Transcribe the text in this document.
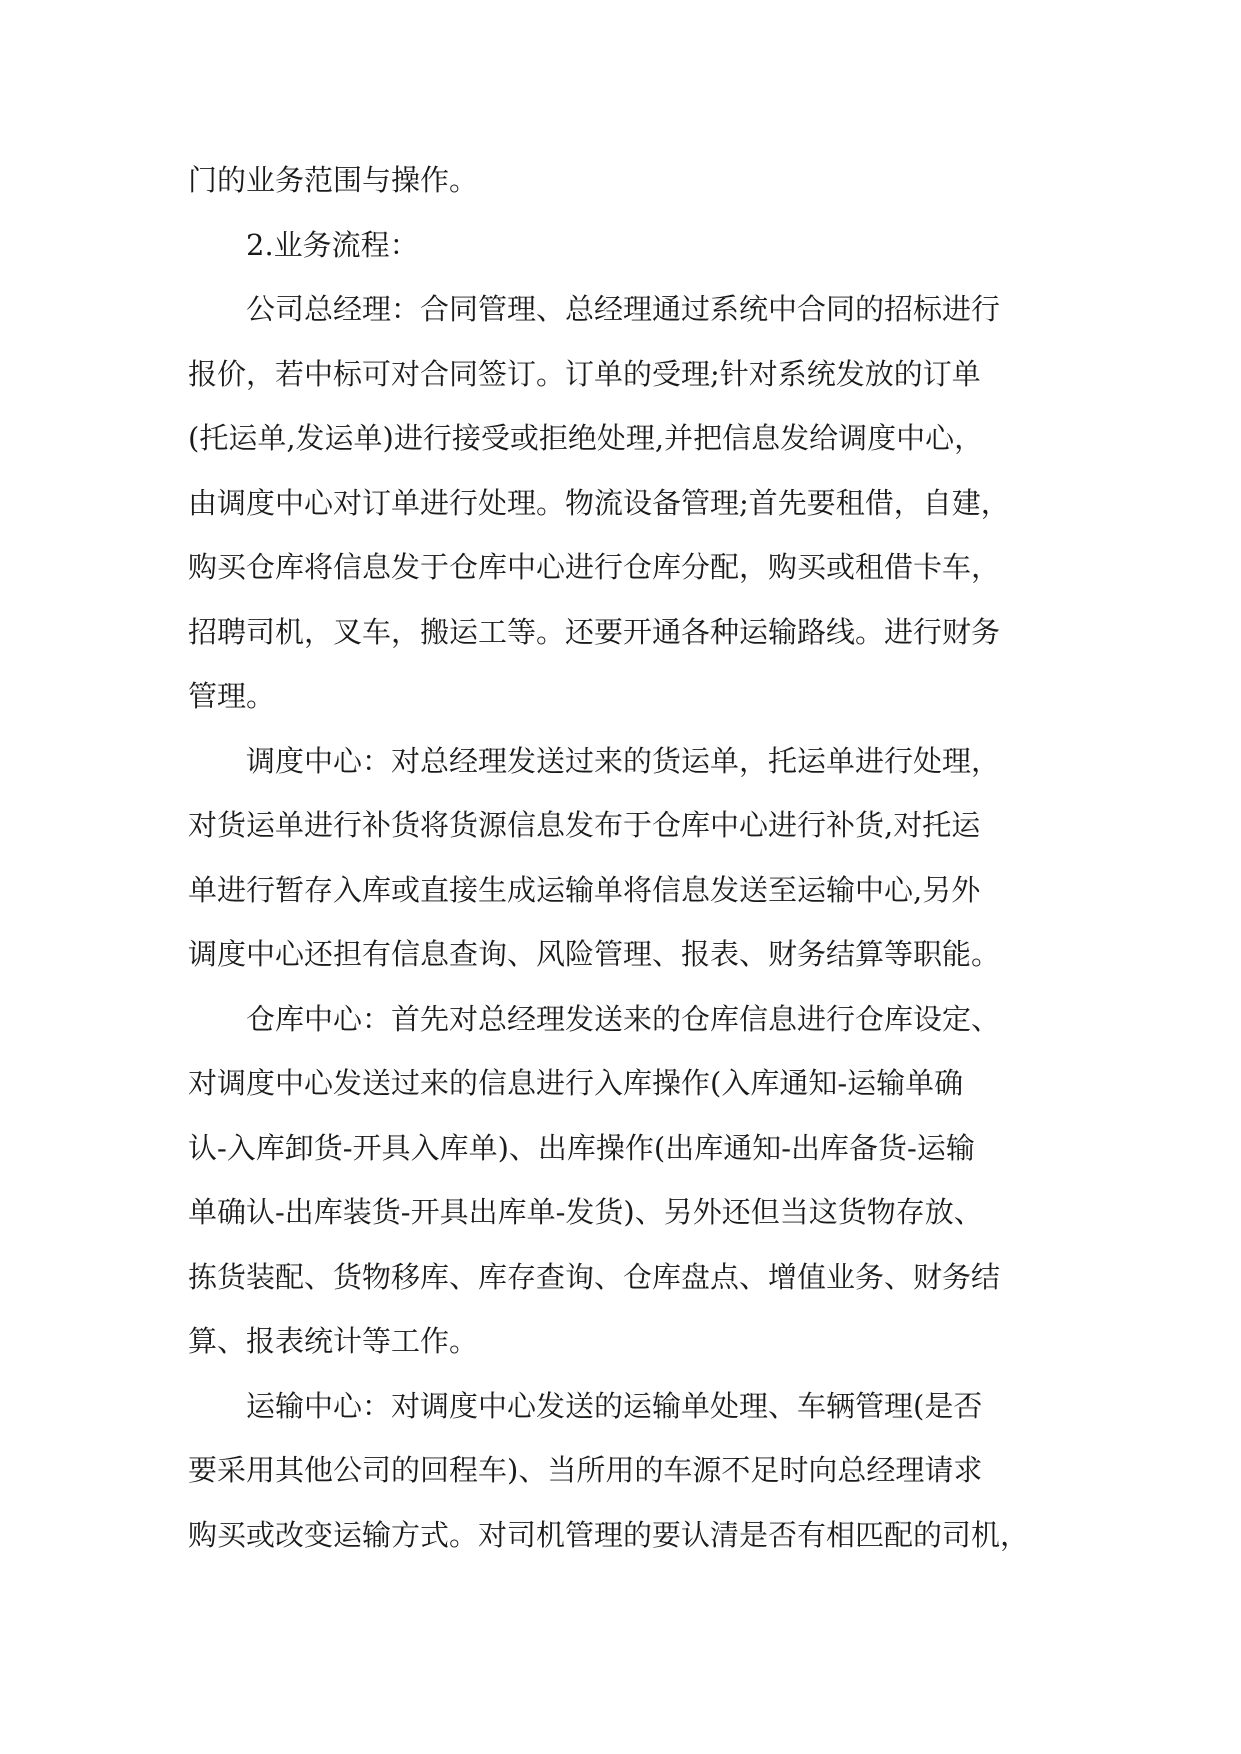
门的业务范围与操作。
2.业务流程：
公司总经理：合同管理、总经理通过系统中合同的招标进行
报价，若中标可对合同签订。订单的受理;针对系统发放的订单
(托运单,发运单)进行接受或拒绝处理,并把信息发给调度中心，
由调度中心对订单进行处理。物流设备管理;首先要租借，自建，
购买仓库将信息发于仓库中心进行仓库分配，购买或租借卡车，
招聘司机，叉车，搬运工等。还要开通各种运输路线。进行财务
管理。
调度中心：对总经理发送过来的货运单，托运单进行处理，
对货运单进行补货将货源信息发布于仓库中心进行补货,对托运
单进行暂存入库或直接生成运输单将信息发送至运输中心,另外
调度中心还担有信息查询、风险管理、报表、财务结算等职能。
仓库中心：首先对总经理发送来的仓库信息进行仓库设定、
对调度中心发送过来的信息进行入库操作(入库通知-运输单确
认-入库卸货-开具入库单)、出库操作(出库通知-出库备货-运输
单确认-出库装货-开具出库单-发货)、另外还但当这货物存放、
拣货装配、货物移库、库存查询、仓库盘点、增值业务、财务结
算、报表统计等工作。
运输中心：对调度中心发送的运输单处理、车辆管理(是否
要采用其他公司的回程车)、当所用的车源不足时向总经理请求
购买或改变运输方式。对司机管理的要认清是否有相匹配的司机，
